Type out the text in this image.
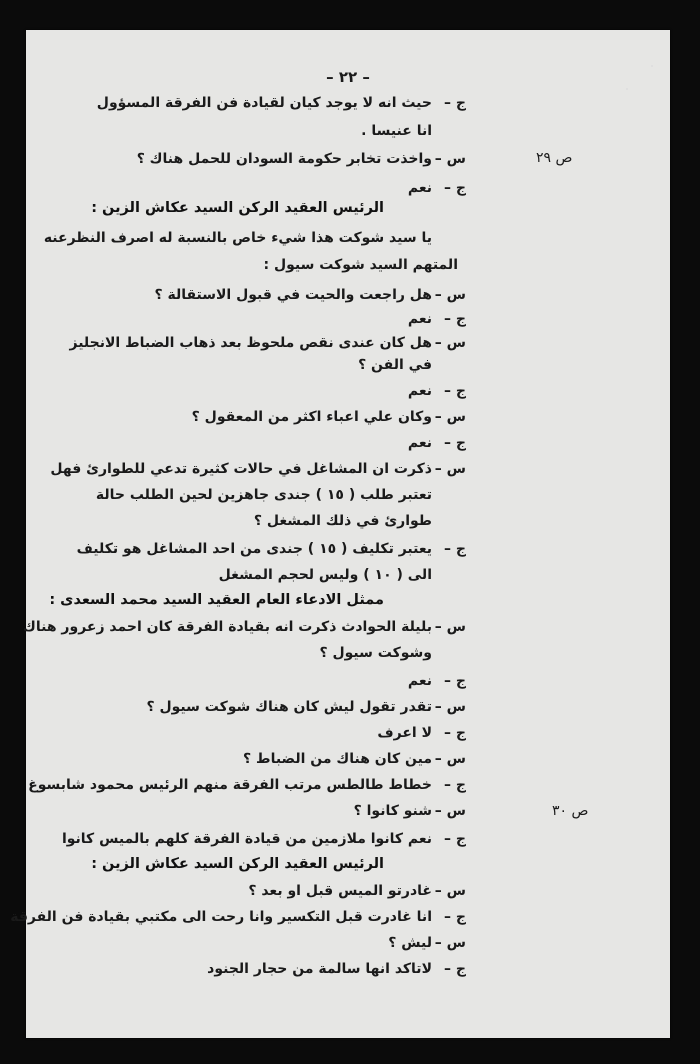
– ٢٢ –
ص ٢٩
ص ٣٠
ج –حيث انه لا يوجد كيان لقيادة فن الفرقة المسؤول
انا عنيسا .
س –واخذت تخابر حكومة السودان للحمل هناك ؟
ج –نعم
الرئيس العقيد الركن السيد عكاش الزين :
يا سيد شوكت هذا شيء خاص بالنسبة له اصرف النظرعنه
المتهم السيد شوكت سيول :
س –هل راجعت والحيت في قبول الاستقالة ؟
ج –نعم
س –هل كان عندى نقص ملحوظ بعد ذهاب الضباط الانجليز
في الفن ؟
ج –نعم
س –وكان علي اعباء اكثر من المعقول ؟
ج –نعم
س –ذكرت ان المشاغل في حالات كثيرة تدعي للطوارئ فهل
تعتبر طلب ( ١٥ ) جندى جاهزين لحين الطلب حالة
طوارئ في ذلك المشغل ؟
ج –يعتبر تكليف ( ١٥ ) جندى من احد المشاغل هو تكليف
الى ( ١٠ ) وليس لحجم المشغل
ممثل الادعاء العام العقيد السيد محمد السعدى :
س –بليلة الحوادث ذكرت انه بقيادة الفرقة كان احمد زعرور هناك
وشوكت سيول ؟
ج –نعم
س –تقدر تقول ليش كان هناك شوكت سيول ؟
ج –لا اعرف
س –مين كان هناك من الضباط ؟
ج –خطاط طالطس مرتب الفرقة منهم الرئيس محمود شابسوغ
س –شنو كانوا ؟
ج –نعم كانوا ملازمين من قيادة الفرقة كلهم بالميس كانوا
الرئيس العقيد الركن السيد عكاش الزين :
س –غادرتو الميس قبل او بعد ؟
ج –انا غادرت قبل التكسير وانا رحت الى مكتبي بقيادة فن الفرقة
س –ليش ؟
ج –لاتاكد انها سالمة من حجار الجنود
